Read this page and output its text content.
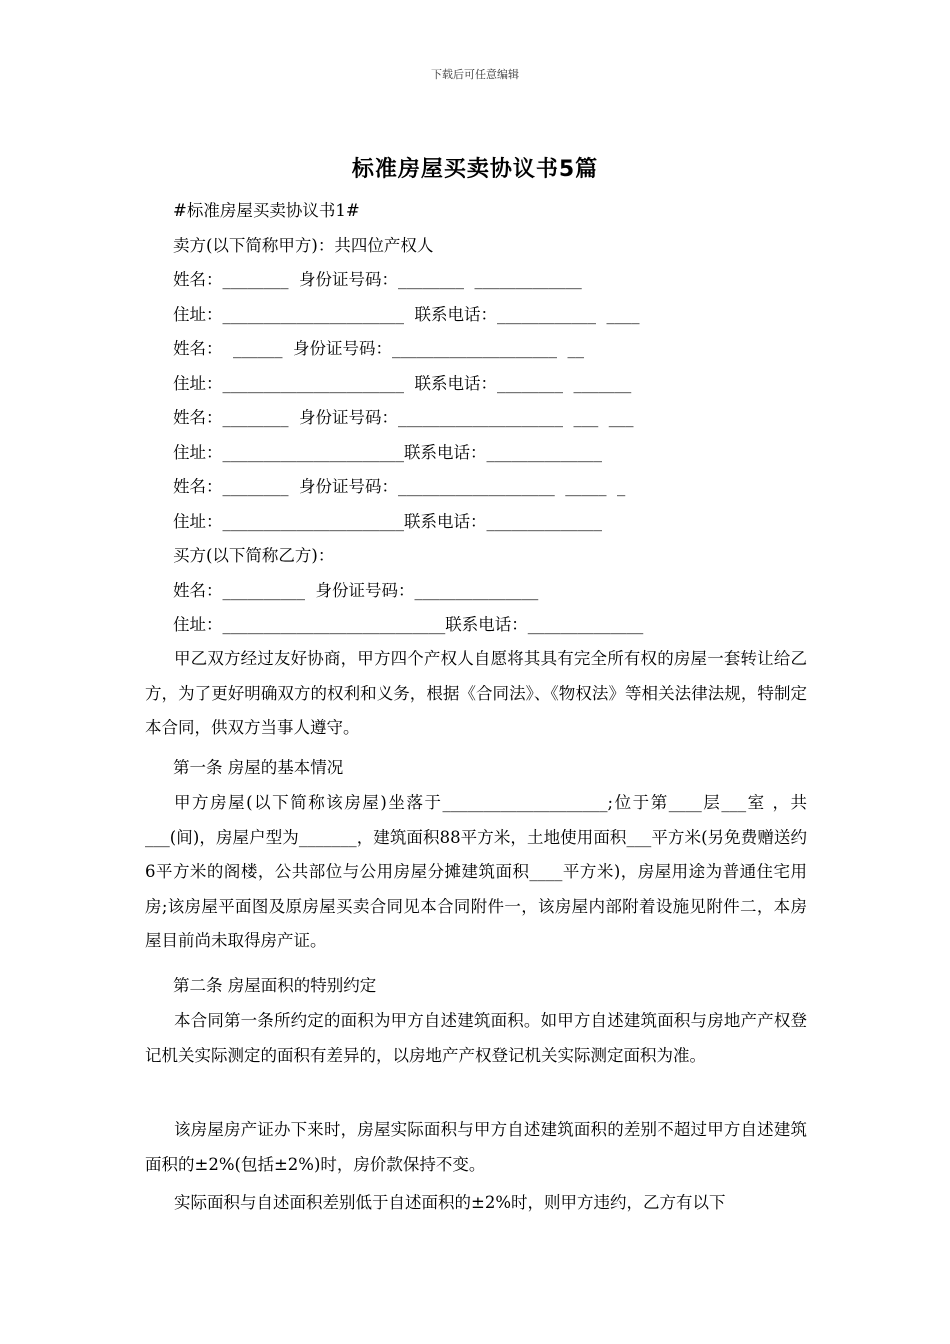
下载后可任意编辑
标准房屋买卖协议书5篇
#标准房屋买卖协议书1#
卖方(以下简称甲方)：共四位产权人
姓名：________  身份证号码：________  _____________
住址：______________________  联系电话：____________  ____
姓名：  ______  身份证号码：____________________  __
住址：______________________  联系电话：________  _______
姓名：________  身份证号码：____________________  ___  ___
住址：______________________联系电话：______________
姓名：________  身份证号码：___________________  _____  _
住址：______________________联系电话：______________
买方(以下简称乙方)：
姓名：__________  身份证号码：_______________
住址：___________________________联系电话：______________
甲乙双方经过友好协商，甲方四个产权人自愿将其具有完全所有权的房屋一套转让给乙方，为了更好明确双方的权利和义务，根据《合同法》、《物权法》等相关法律法规，特制定本合同，供双方当事人遵守。
第一条 房屋的基本情况
甲方房屋(以下简称该房屋)坐落于____________________;位于第____层___室 ，共___(间)，房屋户型为_______，建筑面积88平方米，土地使用面积___平方米(另免费赠送约6平方米的阁楼，公共部位与公用房屋分摊建筑面积____平方米)，房屋用途为普通住宅用房;该房屋平面图及原房屋买卖合同见本合同附件一，该房屋内部附着设施见附件二，本房屋目前尚未取得房产证。
第二条 房屋面积的特别约定
本合同第一条所约定的面积为甲方自述建筑面积。如甲方自述建筑面积与房地产产权登记机关实际测定的面积有差异的，以房地产产权登记机关实际测定面积为准。
该房屋房产证办下来时，房屋实际面积与甲方自述建筑面积的差别不超过甲方自述建筑面积的±2%(包括±2%)时，房价款保持不变。
实际面积与自述面积差别低于自述面积的±2%时，则甲方违约，乙方有以下
